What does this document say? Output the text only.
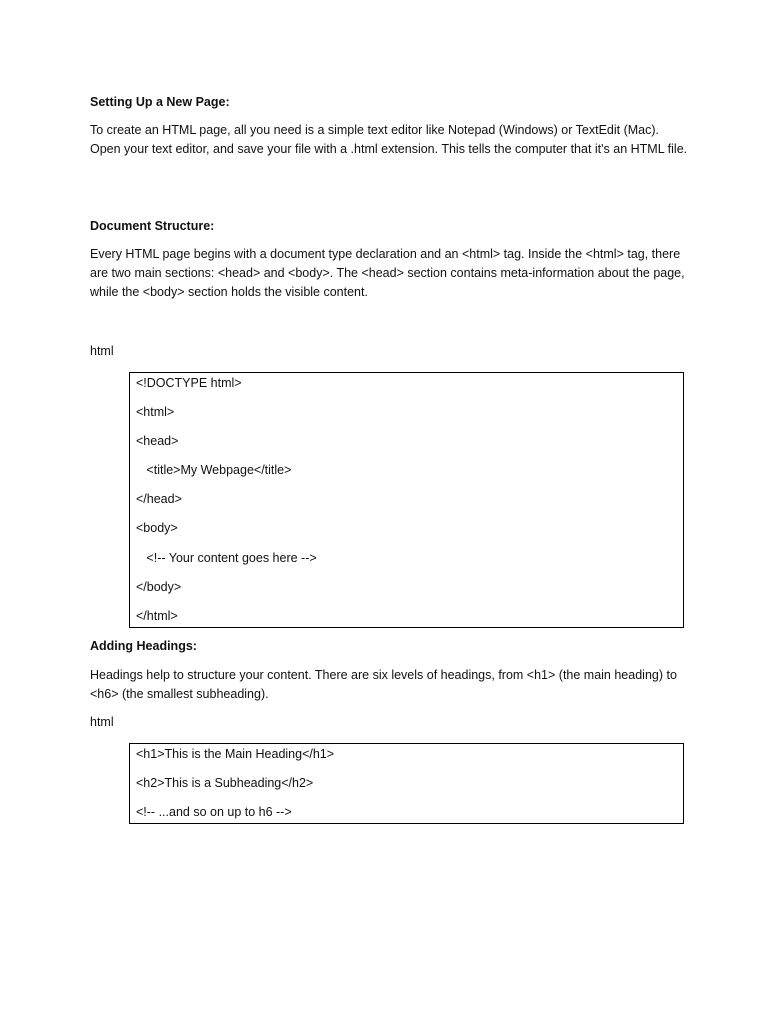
Setting Up a New Page:

To create an HTML page, all you need is a simple text editor like Notepad (Windows) or TextEdit (Mac). Open your text editor, and save your file with a .html extension. This tells the computer that it's an HTML file.

Document Structure:

Every HTML page begins with a document type declaration and an <html> tag. Inside the <html> tag, there are two main sections: <head> and <body>. The <head> section contains meta-information about the page, while the <body> section holds the visible content.

html

<!DOCTYPE html>

<html>

<head>

<title>My Webpage</title>

</head>

<body>

<!-- Your content goes here -->

</body>

</html>

Adding Headings:

Headings help to structure your content. There are six levels of headings, from <h1> (the main heading) to <h6> (the smallest subheading).

html

<h1>This is the Main Heading</h1>

<h2>This is a Subheading</h2>

<!-- ...and so on up to h6 -->
